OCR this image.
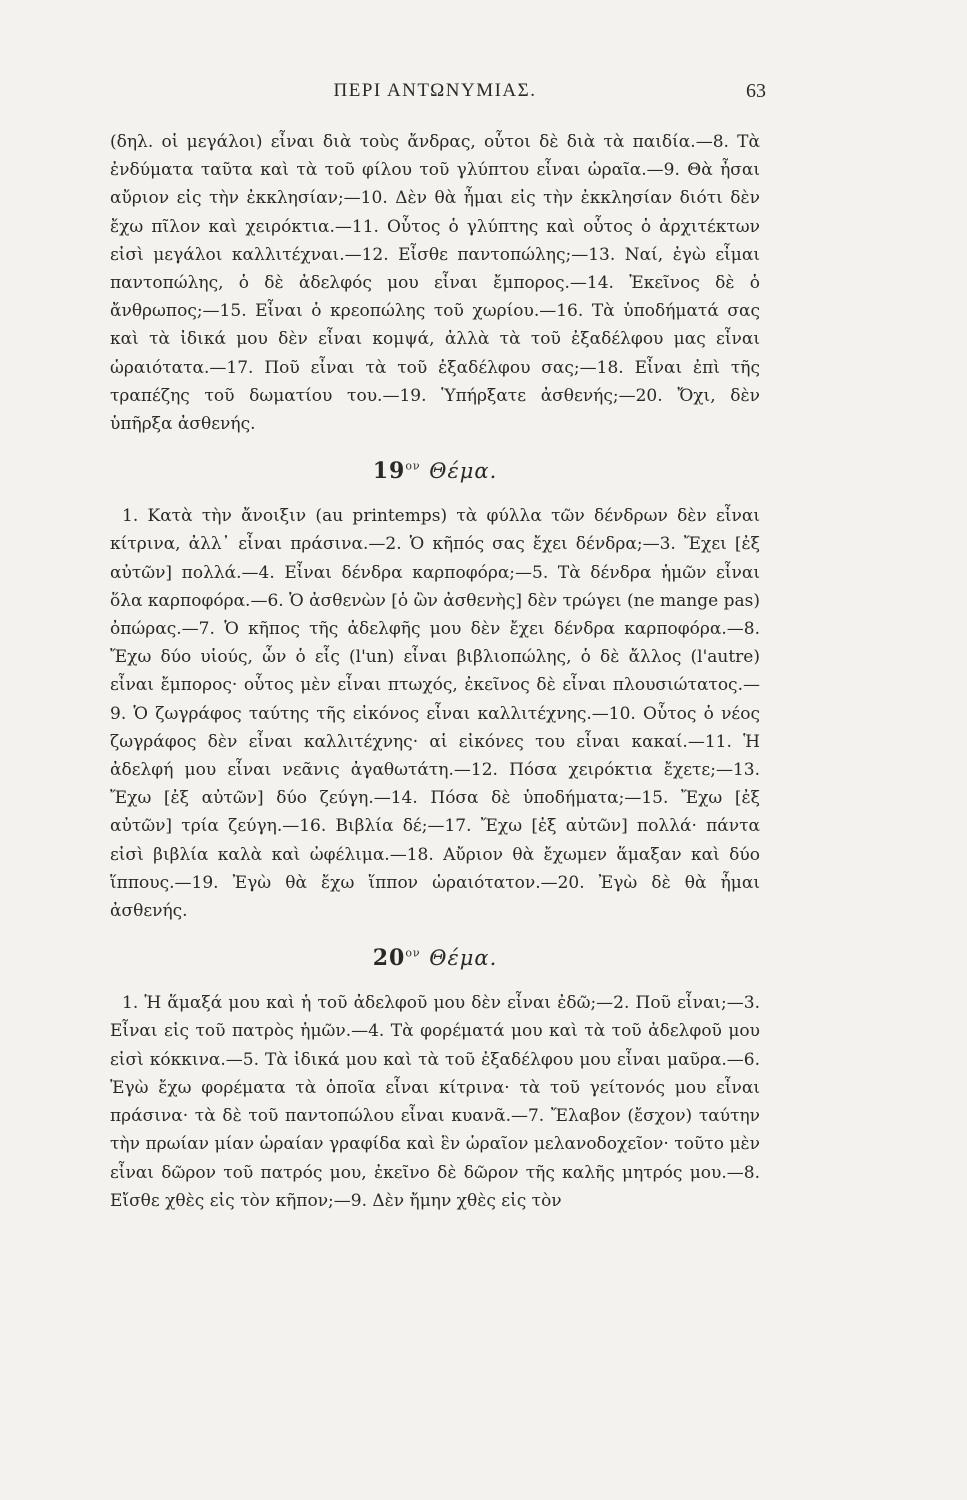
ΠΕΡΙ ΑΝΤΩΝΥΜΙΑΣ.	63

(δηλ. οἱ μεγάλοι) εἶναι διὰ τοὺς ἄνδρας, οὗτοι δὲ διὰ τὰ παιδία.—8. Τὰ ἐνδύματα ταῦτα καὶ τὰ τοῦ φίλου τοῦ γλύπτου εἶναι ὡραῖα.—9. Θὰ ἦσαι αὔριον εἰς τὴν ἐκκλησίαν;—10. Δὲν θὰ ἦμαι εἰς τὴν ἐκκλησίαν διότι δὲν ἔχω πῖλον καὶ χειρόκτια.—11. Οὗτος ὁ γλύπτης καὶ οὗτος ὁ ἀρχιτέκτων εἰσὶ μεγάλοι καλλιτέχναι.—12. Εἶσθε παντοπώλης;—13. Ναί, ἐγὼ εἶμαι παντοπώλης, ὁ δὲ ἀδελφός μου εἶναι ἔμπορος.—14. Ἐκεῖνος δὲ ὁ ἄνθρωπος;—15. Εἶναι ὁ κρεοπώλης τοῦ χωρίου.—16. Τὰ ὑποδήματά σας καὶ τὰ ἰδικά μου δὲν εἶναι κομψά, ἀλλὰ τὰ τοῦ ἐξαδέλφου μας εἶναι ὡραιότατα.—17. Ποῦ εἶναι τὰ τοῦ ἐξαδέλφου σας;—18. Εἶναι ἐπὶ τῆς τραπέζης τοῦ δωματίου του.—19. Ὑπήρξατε ἀσθενής;—20. Ὄχι, δὲν ὑπῆρξα ἀσθενής.

$19^{o\nu}$ Θέμα.

1. Κατὰ τὴν ἄνοιξιν (au printemps) τὰ φύλλα τῶν δένδρων δὲν εἶναι κίτρινα, ἀλλ᾽ εἶναι πράσινα.—2. Ὁ κῆπός σας ἔχει δένδρα;—3. Ἔχει [ἐξ αὐτῶν] πολλά.—4. Εἶναι δένδρα καρποφόρα;—5. Τὰ δένδρα ἡμῶν εἶναι ὅλα καρποφόρα.—6. Ὁ ἀσθενὼν [ὁ ὢν ἀσθενὴς] δὲν τρώγει (ne mange pas) ὀπώρας.—7. Ὁ κῆπος τῆς ἀδελφῆς μου δὲν ἔχει δένδρα καρποφόρα.—8. Ἔχω δύο υἱούς, ὧν ὁ εἷς (l'un) εἶναι βιβλιοπώλης, ὁ δὲ ἄλλος (l'autre) εἶναι ἔμπορος· οὗτος μὲν εἶναι πτωχός, ἐκεῖνος δὲ εἶναι πλουσιώτατος.—9. Ὁ ζωγράφος ταύτης τῆς εἰκόνος εἶναι καλλιτέχνης.—10. Οὗτος ὁ νέος ζωγράφος δὲν εἶναι καλλιτέχνης· αἱ εἰκόνες του εἶναι κακαί.—11. Ἡ ἀδελφή μου εἶναι νεᾶνις ἀγαθωτάτη.—12. Πόσα χειρόκτια ἔχετε;—13. Ἔχω [ἐξ αὐτῶν] δύο ζεύγη.—14. Πόσα δὲ ὑποδήματα;—15. Ἔχω [ἐξ αὐτῶν] τρία ζεύγη.—16. Βιβλία δέ;—17. Ἔχω [ἐξ αὐτῶν] πολλά· πάντα εἰσὶ βιβλία καλὰ καὶ ὠφέλιμα.—18. Αὔριον θὰ ἔχωμεν ἅμαξαν καὶ δύο ἵππους.—19. Ἐγὼ θὰ ἔχω ἵππον ὡραιότατον.—20. Ἐγὼ δὲ θὰ ἦμαι ἀσθενής.

$20^{o\nu}$ Θέμα.

1. Ἡ ἅμαξά μου καὶ ἡ τοῦ ἀδελφοῦ μου δὲν εἶναι ἐδῶ;—2. Ποῦ εἶναι;—3. Εἶναι εἰς τοῦ πατρὸς ἡμῶν.—4. Τὰ φορέματά μου καὶ τὰ τοῦ ἀδελφοῦ μου εἰσὶ κόκκινα.—5. Τὰ ἰδικά μου καὶ τὰ τοῦ ἐξαδέλφου μου εἶναι μαῦρα.—6. Ἐγὼ ἔχω φορέματα τὰ ὁποῖα εἶναι κίτρινα· τὰ τοῦ γείτονός μου εἶναι πράσινα· τὰ δὲ τοῦ παντοπώλου εἶναι κυανᾶ.—7. Ἔλαβον (ἔσχον) ταύτην τὴν πρωίαν μίαν ὡραίαν γραφίδα καὶ ἓν ὡραῖον μελανοδοχεῖον· τοῦτο μὲν εἶναι δῶρον τοῦ πατρός μου, ἐκεῖνο δὲ δῶρον τῆς καλῆς μητρός μου.—8. Εἴσθε χθὲς εἰς τὸν κῆπον;—9. Δὲν ἤμην χθὲς εἰς τὸν
